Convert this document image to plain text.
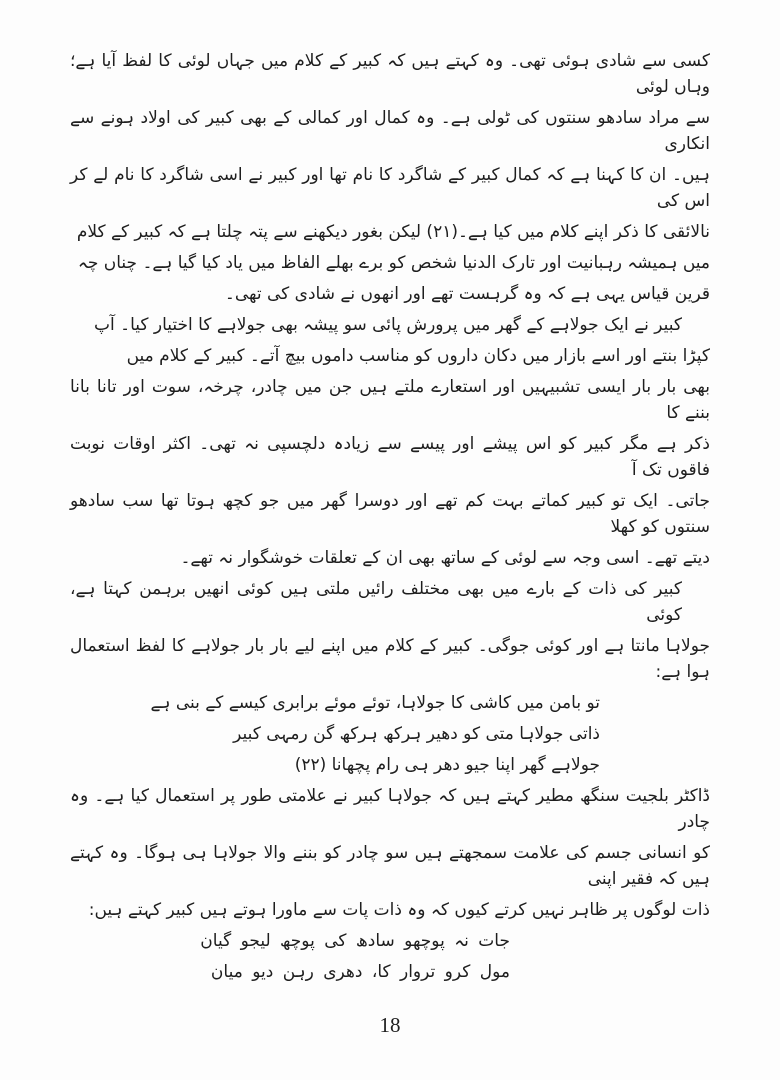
کسی سے شادی ہوئی تھی۔ وہ کہتے ہیں کہ کبیر کے کلام میں جہاں لوئی کا لفظ آیا ہے؛ وہاں لوئی
سے مراد سادھو سنتوں کی ٹولی ہے۔ وہ کمال اور کمالی کے بھی کبیر کی اولاد ہونے سے انکاری
ہیں۔ ان کا کہنا ہے کہ کمال کبیر کے شاگرد کا نام تھا اور کبیر نے اسی شاگرد کا نام لے کر اس کی
نالائقی کا ذکر اپنے کلام میں کیا ہے۔(۲۱) لیکن بغور دیکھنے سے پتہ چلتا ہے کہ کبیر کے کلام
میں ہمیشہ رہبانیت اور تارک الدنیا شخص کو برے بھلے الفاظ میں یاد کیا گیا ہے۔ چناں چہ
قرین قیاس یہی ہے کہ وہ گرہست تھے اور انھوں نے شادی کی تھی۔
کبیر نے ایک جولاہے کے گھر میں پرورش پائی سو پیشہ بھی جولاہے کا اختیار کیا۔ آپ
کپڑا بنتے اور اسے بازار میں دکان داروں کو مناسب داموں بیچ آتے۔ کبیر کے کلام میں
بھی بار بار ایسی تشبیہیں اور استعارے ملتے ہیں جن میں چادر، چرخہ، سوت اور تانا بانا بننے کا
ذکر ہے مگر کبیر کو اس پیشے اور پیسے سے زیادہ دلچسپی نہ تھی۔ اکثر اوقات نوبت فاقوں تک آ
جاتی۔ ایک تو کبیر کماتے بہت کم تھے اور دوسرا گھر میں جو کچھ ہوتا تھا سب سادھو سنتوں کو کھلا
دیتے تھے۔ اسی وجہ سے لوئی کے ساتھ بھی ان کے تعلقات خوشگوار نہ تھے۔
کبیر کی ذات کے بارے میں بھی مختلف رائیں ملتی ہیں کوئی انھیں برہمن کہتا ہے، کوئی
جولاہا مانتا ہے اور کوئی جوگی۔ کبیر کے کلام میں اپنے لیے بار بار جولاہے کا لفظ استعمال ہوا ہے:
تو بامن میں کاشی کا جولاہا، توئے موئے برابری کیسے کے بنی ہے
ذاتی جولاہا متی کو دھیر ہرکھ ہرکھ گن رمہی کبیر
جولاہے گھر اپنا جیو دھر ہی رام پچھانا (۲۲)
ڈاکٹر بلجیت سنگھ مطیر کہتے ہیں کہ جولاہا کبیر نے علامتی طور پر استعمال کیا ہے۔ وہ چادر
کو انسانی جسم کی علامت سمجھتے ہیں سو چادر کو بننے والا جولاہا ہی ہوگا۔ وہ کہتے ہیں کہ فقیر اپنی
ذات لوگوں پر ظاہر نہیں کرتے کیوں کہ وہ ذات پات سے ماورا ہوتے ہیں کبیر کہتے ہیں:
جات نہ پوچھو سادھ کی پوچھ لیجو گیان
مول کرو تروار کا، دھری رہن دیو میان
18
